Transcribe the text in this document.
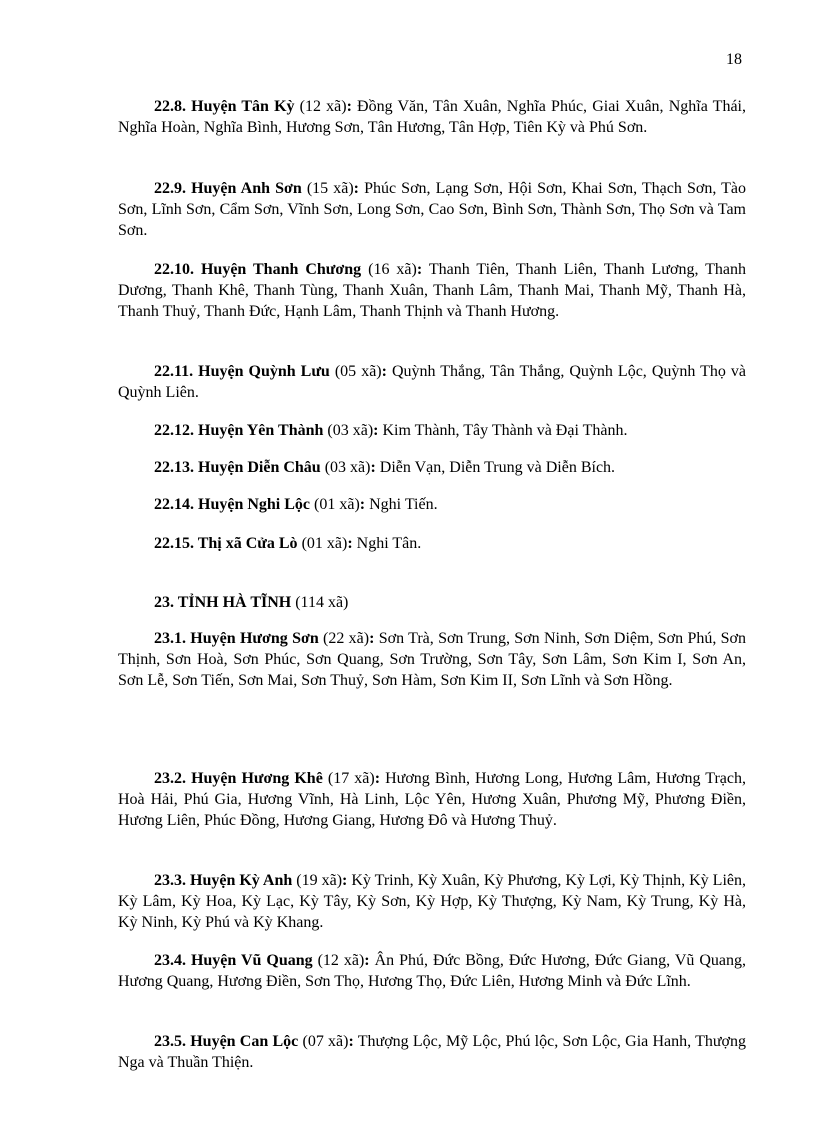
18

22.8. Huyện Tân Kỳ (12 xã): Đồng Văn, Tân Xuân, Nghĩa Phúc, Giai Xuân, Nghĩa Thái, Nghĩa Hoàn, Nghĩa Bình, Hương Sơn, Tân Hương, Tân Hợp, Tiên Kỳ và Phú Sơn.

22.9. Huyện Anh Sơn (15 xã): Phúc Sơn, Lạng Sơn, Hội Sơn, Khai Sơn, Thạch Sơn, Tào Sơn, Lĩnh Sơn, Cẩm Sơn, Vĩnh Sơn, Long Sơn, Cao Sơn, Bình Sơn, Thành Sơn, Thọ Sơn và Tam Sơn.

22.10. Huyện Thanh Chương (16 xã): Thanh Tiên, Thanh Liên, Thanh Lương, Thanh Dương, Thanh Khê, Thanh Tùng, Thanh Xuân, Thanh Lâm, Thanh Mai, Thanh Mỹ, Thanh Hà, Thanh Thuỷ, Thanh Đức, Hạnh Lâm, Thanh Thịnh và Thanh Hương.

22.11. Huyện Quỳnh Lưu (05 xã): Quỳnh Thắng, Tân Thắng, Quỳnh Lộc, Quỳnh Thọ và Quỳnh Liên.

22.12. Huyện Yên Thành (03 xã): Kim Thành, Tây Thành và Đại Thành.

22.13. Huyện Diễn Châu (03 xã): Diễn Vạn, Diễn Trung và Diễn Bích.

22.14. Huyện Nghi Lộc (01 xã): Nghi Tiến.

22.15. Thị xã Cửa Lò (01 xã): Nghi Tân.

23. TỈNH HÀ TĨNH (114 xã)

23.1. Huyện Hương Sơn (22 xã): Sơn Trà, Sơn Trung, Sơn Ninh, Sơn Diệm, Sơn Phú, Sơn Thịnh, Sơn Hoà, Sơn Phúc, Sơn Quang, Sơn Trường, Sơn Tây, Sơn Lâm, Sơn Kim I, Sơn An, Sơn Lễ, Sơn Tiến, Sơn Mai, Sơn Thuỷ, Sơn Hàm, Sơn Kim II, Sơn Lĩnh và Sơn Hồng.

23.2. Huyện Hương Khê (17 xã): Hương Bình, Hương Long, Hương Lâm, Hương Trạch, Hoà Hải, Phú Gia, Hương Vĩnh, Hà Linh, Lộc Yên, Hương Xuân, Phương Mỹ, Phương Điền, Hương Liên, Phúc Đồng, Hương Giang, Hương Đô và Hương Thuỷ.

23.3. Huyện Kỳ Anh (19 xã): Kỳ Trinh, Kỳ Xuân, Kỳ Phương, Kỳ Lợi, Kỳ Thịnh, Kỳ Liên, Kỳ Lâm, Kỳ Hoa, Kỳ Lạc, Kỳ Tây, Kỳ Sơn, Kỳ Hợp, Kỳ Thượng, Kỳ Nam, Kỳ Trung, Kỳ Hà, Kỳ Ninh, Kỳ Phú và Kỳ Khang.

23.4. Huyện Vũ Quang (12 xã): Ân Phú, Đức Bồng, Đức Hương, Đức Giang, Vũ Quang, Hương Quang, Hương Điền, Sơn Thọ, Hương Thọ, Đức Liên, Hương Minh và Đức Lĩnh.

23.5. Huyện Can Lộc (07 xã): Thượng Lộc, Mỹ Lộc, Phú lộc, Sơn Lộc, Gia Hanh, Thượng Nga và Thuần Thiện.
